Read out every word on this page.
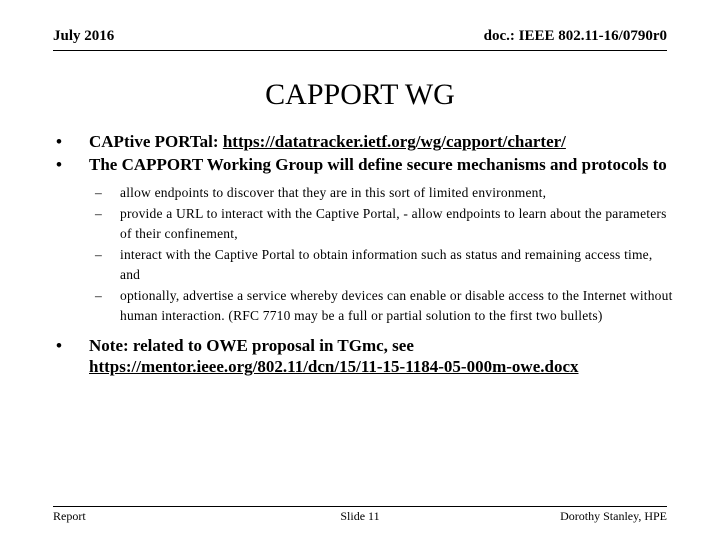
July 2016	doc.: IEEE 802.11-16/0790r0
CAPPORT WG
• CAPtive PORTal: https://datatracker.ietf.org/wg/capport/charter/
• The CAPPORT Working Group will define secure mechanisms and protocols to
– allow endpoints to discover that they are in this sort of limited environment,
– provide a URL to interact with the Captive Portal, - allow endpoints to learn about the parameters of their confinement,
– interact with the Captive Portal to obtain information such as status and remaining access time, and
– optionally, advertise a service whereby devices can enable or disable access to the Internet without human interaction. (RFC 7710 may be a full or partial solution to the first two bullets)
• Note: related to OWE proposal in TGmc, see https://mentor.ieee.org/802.11/dcn/15/11-15-1184-05-000m-owe.docx
Report	Slide 11	Dorothy Stanley, HPE
